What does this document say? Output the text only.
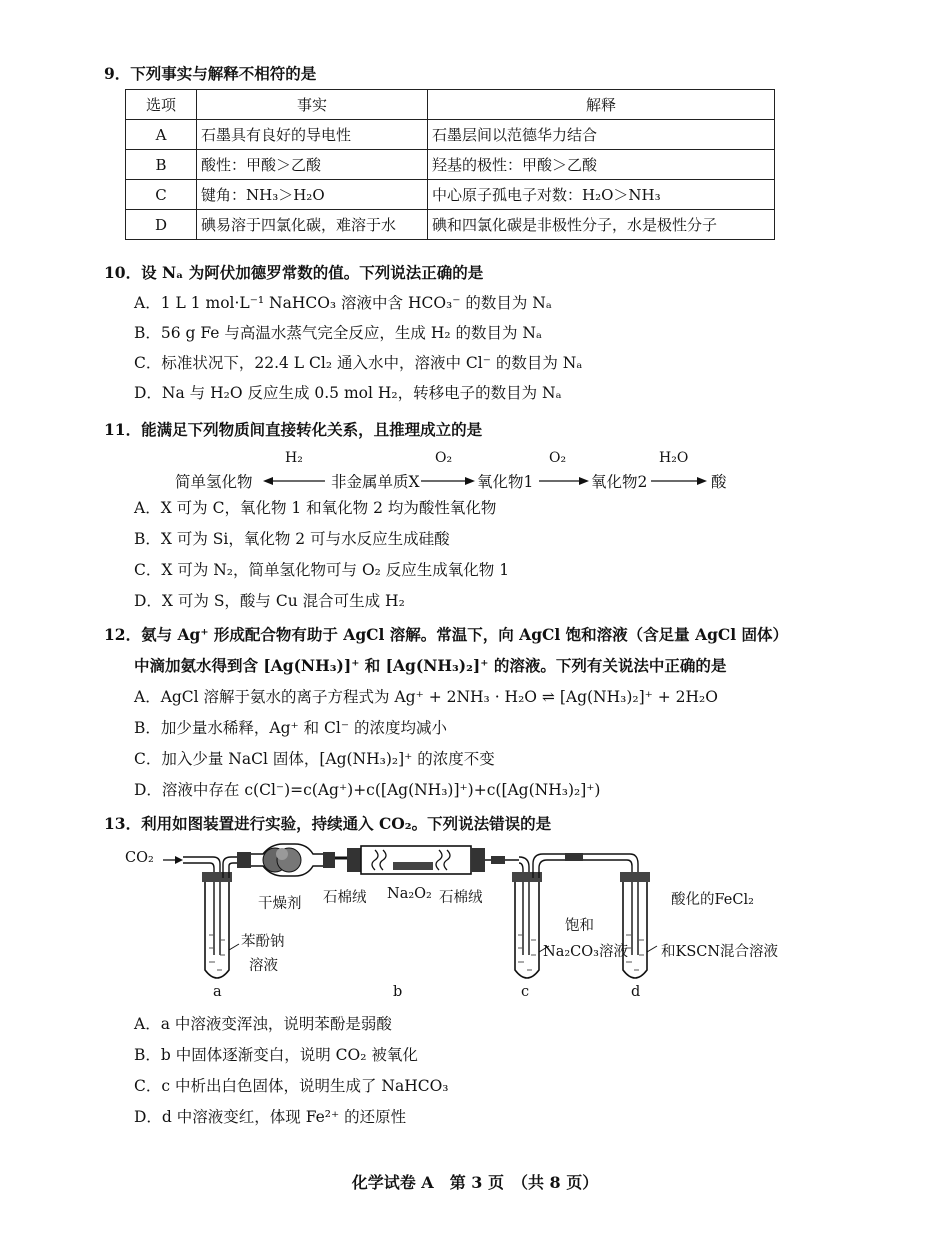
9．下列事实与解释不相符的是
选项	事实	解释
A	石墨具有良好的导电性	石墨层间以范德华力结合
B	酸性：甲酸＞乙酸	羟基的极性：甲酸＞乙酸
C	键角：NH₃＞H₂O	中心原子孤电子对数：H₂O＞NH₃
D	碘易溶于四氯化碳，难溶于水	碘和四氯化碳是非极性分子，水是极性分子
10．设 Nₐ 为阿伏加德罗常数的值。下列说法正确的是
A．1 L 1 mol·L⁻¹ NaHCO₃ 溶液中含 HCO₃⁻ 的数目为 Nₐ
B．56 g Fe 与高温水蒸气完全反应，生成 H₂ 的数目为 Nₐ
C．标准状况下，22.4 L Cl₂ 通入水中，溶液中 Cl⁻ 的数目为 Nₐ
D．Na 与 H₂O 反应生成 0.5 mol H₂，转移电子的数目为 Nₐ
11．能满足下列物质间直接转化关系，且推理成立的是
简单氢化物
H₂
非金属单质X
O₂
氧化物1
O₂
氧化物2
H₂O
酸
A．X 可为 C，氧化物 1 和氧化物 2 均为酸性氧化物
B．X 可为 Si，氧化物 2 可与水反应生成硅酸
C．X 可为 N₂，简单氢化物可与 O₂ 反应生成氧化物 1
D．X 可为 S，酸与 Cu 混合可生成 H₂
12．氨与 Ag⁺ 形成配合物有助于 AgCl 溶解。常温下，向 AgCl 饱和溶液（含足量 AgCl 固体）
中滴加氨水得到含 [Ag(NH₃)]⁺ 和 [Ag(NH₃)₂]⁺ 的溶液。下列有关说法中正确的是
A．AgCl 溶解于氨水的离子方程式为 Ag⁺ + 2NH₃ · H₂O ⇌ [Ag(NH₃)₂]⁺ + 2H₂O
B．加少量水稀释，Ag⁺ 和 Cl⁻ 的浓度均减小
C．加入少量 NaCl 固体，[Ag(NH₃)₂]⁺ 的浓度不变
D．溶液中存在 c(Cl⁻)=c(Ag⁺)+c([Ag(NH₃)]⁺)+c([Ag(NH₃)₂]⁺)
13．利用如图装置进行实验，持续通入 CO₂。下列说法错误的是
CO₂
干燥剂 石棉绒 Na₂O₂ 石棉绒
苯酚钠
溶液
饱和
Na₂CO₃溶液
酸化的FeCl₂
和KSCN混合溶液
a	b	c	d
A．a 中溶液变浑浊，说明苯酚是弱酸
B．b 中固体逐渐变白，说明 CO₂ 被氧化
C．c 中析出白色固体，说明生成了 NaHCO₃
D．d 中溶液变红，体现 Fe²⁺ 的还原性
化学试卷 A　第 3 页　（共 8 页）
